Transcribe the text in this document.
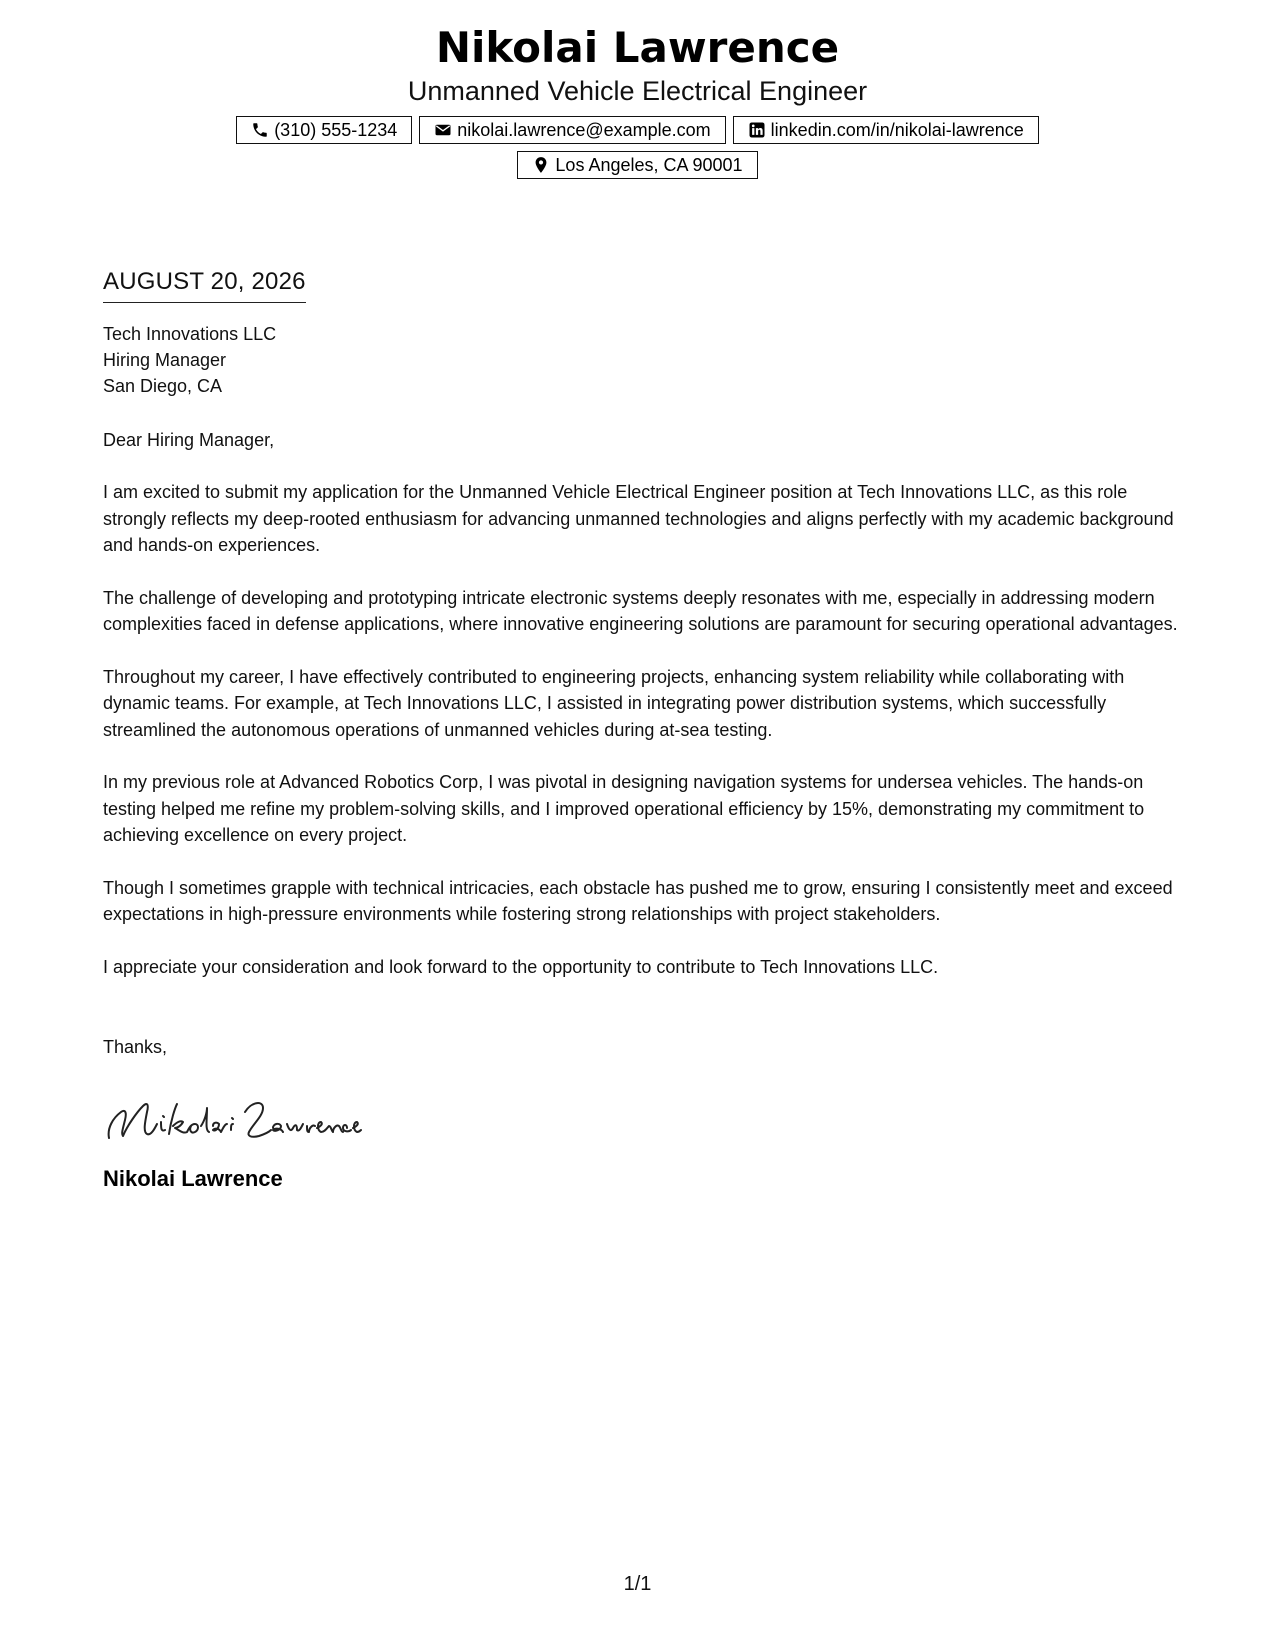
Nikolai Lawrence
Unmanned Vehicle Electrical Engineer
(310) 555-1234	nikolai.lawrence@example.com	linkedin.com/in/nikolai-lawrence
Los Angeles, CA 90001
AUGUST 20, 2026
Tech Innovations LLC
Hiring Manager
San Diego, CA
Dear Hiring Manager,

I am excited to submit my application for the Unmanned Vehicle Electrical Engineer position at Tech Innovations LLC, as this role strongly reflects my deep-rooted enthusiasm for advancing unmanned technologies and aligns perfectly with my academic background and hands-on experiences.

The challenge of developing and prototyping intricate electronic systems deeply resonates with me, especially in addressing modern complexities faced in defense applications, where innovative engineering solutions are paramount for securing operational advantages.

Throughout my career, I have effectively contributed to engineering projects, enhancing system reliability while collaborating with dynamic teams. For example, at Tech Innovations LLC, I assisted in integrating power distribution systems, which successfully streamlined the autonomous operations of unmanned vehicles during at-sea testing.

In my previous role at Advanced Robotics Corp, I was pivotal in designing navigation systems for undersea vehicles. The hands-on testing helped me refine my problem-solving skills, and I improved operational efficiency by 15%, demonstrating my commitment to achieving excellence on every project.

Though I sometimes grapple with technical intricacies, each obstacle has pushed me to grow, ensuring I consistently meet and exceed expectations in high-pressure environments while fostering strong relationships with project stakeholders.

I appreciate your consideration and look forward to the opportunity to contribute to Tech Innovations LLC.

Thanks,
Nikolai Lawrence
1/1
